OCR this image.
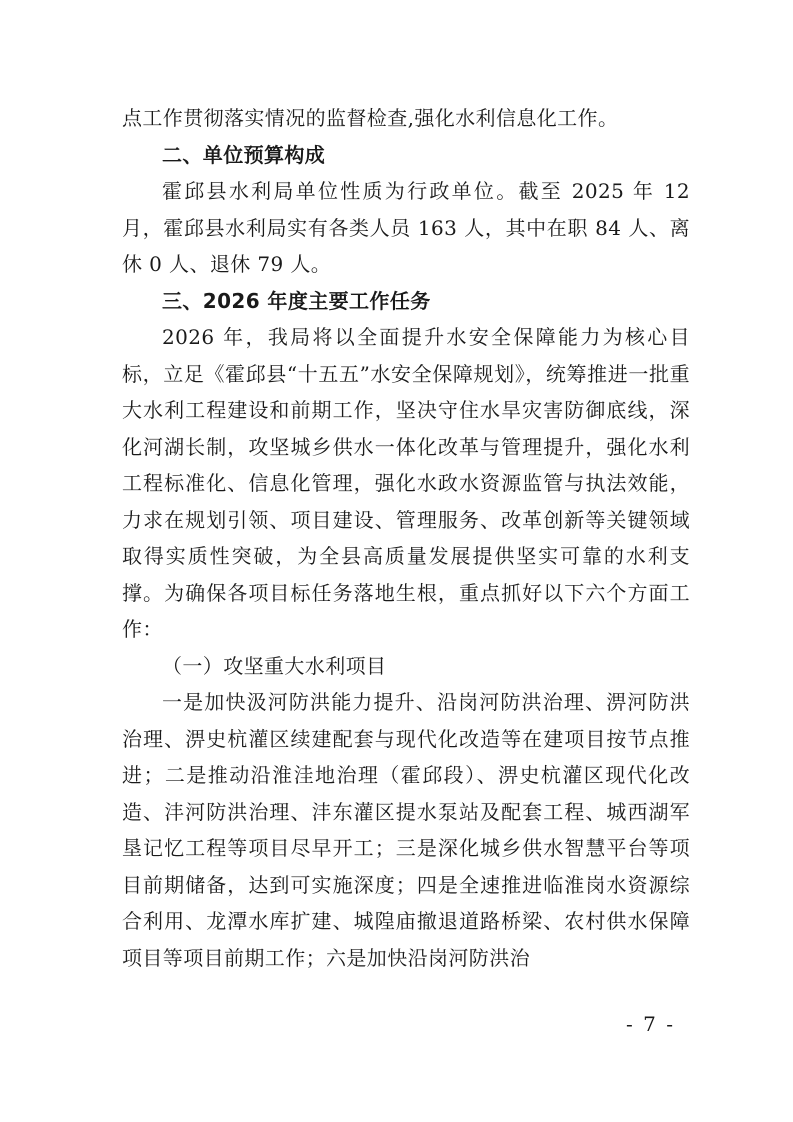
点工作贯彻落实情况的监督检查,强化水利信息化工作。

二、单位预算构成

霍邱县水利局单位性质为行政单位。截至 2025 年 12 月，霍邱县水利局实有各类人员 163 人，其中在职 84 人、离休 0 人、退休 79 人。

三、2026 年度主要工作任务

2026 年，我局将以全面提升水安全保障能力为核心目标，立足《霍邱县“十五五”水安全保障规划》，统筹推进一批重大水利工程建设和前期工作，坚决守住水旱灾害防御底线，深化河湖长制，攻坚城乡供水一体化改革与管理提升，强化水利工程标准化、信息化管理，强化水政水资源监管与执法效能，力求在规划引领、项目建设、管理服务、改革创新等关键领域取得实质性突破，为全县高质量发展提供坚实可靠的水利支撑。为确保各项目标任务落地生根，重点抓好以下六个方面工作：

（一）攻坚重大水利项目

一是加快汲河防洪能力提升、沿岗河防洪治理、淠河防洪治理、淠史杭灌区续建配套与现代化改造等在建项目按节点推进；二是推动沿淮洼地治理（霍邱段）、淠史杭灌区现代化改造、沣河防洪治理、沣东灌区提水泵站及配套工程、城西湖军垦记忆工程等项目尽早开工；三是深化城乡供水智慧平台等项目前期储备，达到可实施深度；四是全速推进临淮岗水资源综合利用、龙潭水库扩建、城隍庙撤退道路桥梁、农村供水保障项目等项目前期工作；六是加快沿岗河防洪治

- 7 -
